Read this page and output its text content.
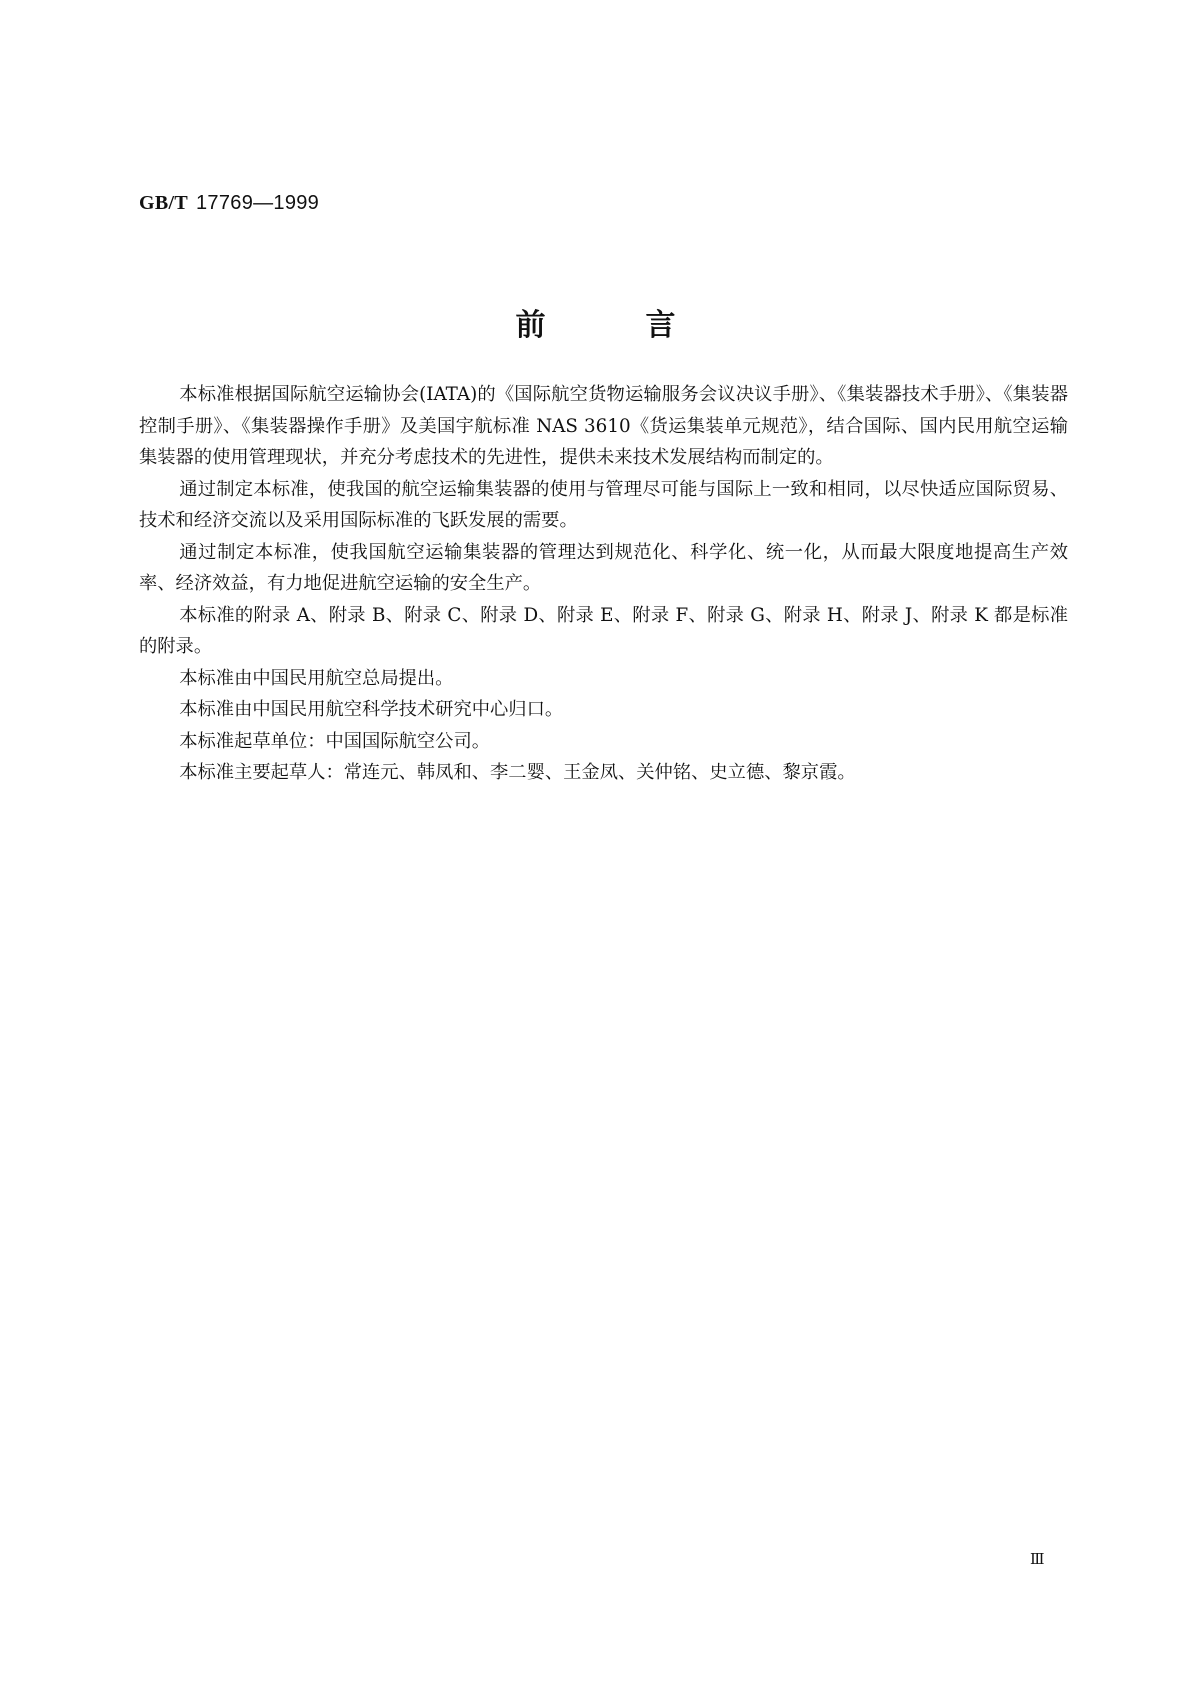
GB/T 17769—1999
前言

本标准根据国际航空运输协会(IATA)的《国际航空货物运输服务会议决议手册》、《集装器技术手册》、《集装器控制手册》、《集装器操作手册》及美国宇航标准 NAS 3610《货运集装单元规范》，结合国际、国内民用航空运输集装器的使用管理现状，并充分考虑技术的先进性，提供未来技术发展结构而制定的。

通过制定本标准，使我国的航空运输集装器的使用与管理尽可能与国际上一致和相同，以尽快适应国际贸易、技术和经济交流以及采用国际标准的飞跃发展的需要。

通过制定本标准，使我国航空运输集装器的管理达到规范化、科学化、统一化，从而最大限度地提高生产效率、经济效益，有力地促进航空运输的安全生产。

本标准的附录 A、附录 B、附录 C、附录 D、附录 E、附录 F、附录 G、附录 H、附录 J、附录 K 都是标准的附录。

本标准由中国民用航空总局提出。

本标准由中国民用航空科学技术研究中心归口。

本标准起草单位：中国国际航空公司。

本标准主要起草人：常连元、韩凤和、李二婴、王金凤、关仲铭、史立德、黎京霞。

Ⅲ
